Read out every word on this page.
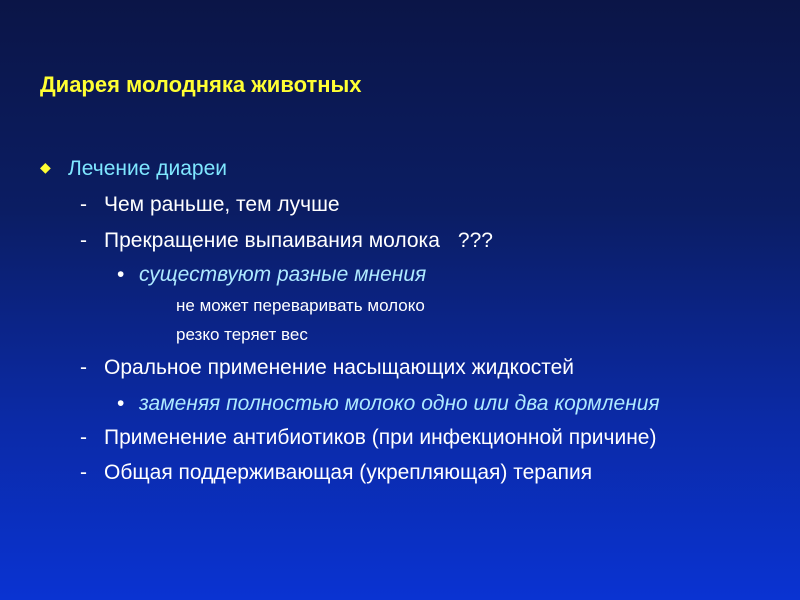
Диарея молодняка животных
◆ Лечение диареи
- Чем раньше, тем лучше
- Прекращение выпаивания молока ???
• существуют разные мнения
не может переваривать молоко
резко теряет вес
- Оральное применение насыщающих жидкостей
• заменяя полностью молоко одно или два кормления
- Применение антибиотиков (при инфекционной причине)
- Общая поддерживающая (укрепляющая) терапия
